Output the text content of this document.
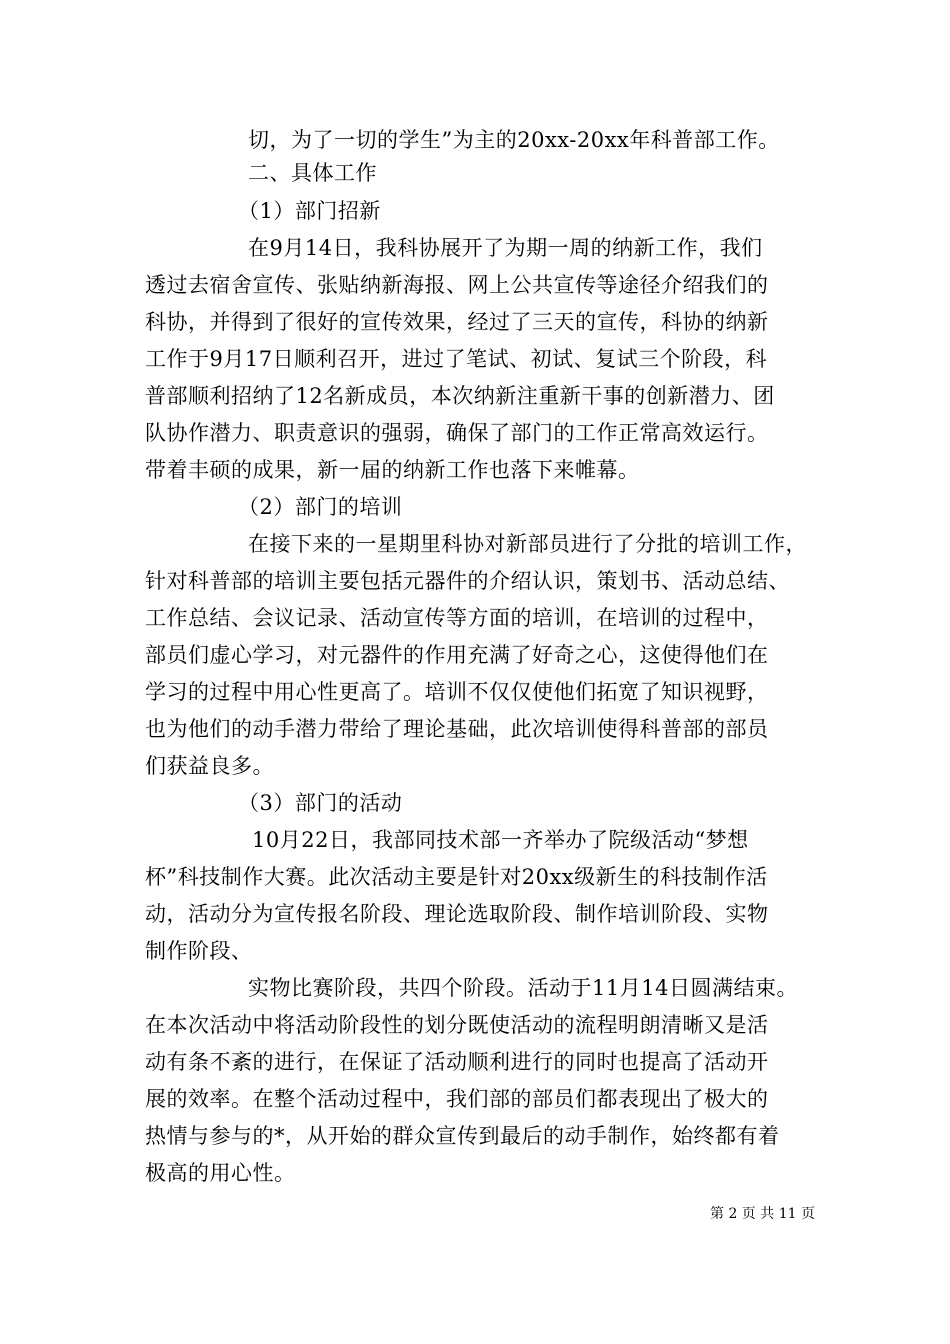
切，为了一切的学生”为主的20xx-20xx年科普部工作。
二、具体工作
（1）部门招新
在9月14日，我科协展开了为期一周的纳新工作，我们
透过去宿舍宣传、张贴纳新海报、网上公共宣传等途径介绍我们的
科协，并得到了很好的宣传效果，经过了三天的宣传，科协的纳新
工作于9月17日顺利召开，进过了笔试、初试、复试三个阶段，科
普部顺利招纳了12名新成员，本次纳新注重新干事的创新潜力、团
队协作潜力、职责意识的强弱，确保了部门的工作正常高效运行。
带着丰硕的成果，新一届的纳新工作也落下来帷幕。
（2）部门的培训
在接下来的一星期里科协对新部员进行了分批的培训工作，
针对科普部的培训主要包括元器件的介绍认识，策划书、活动总结、
工作总结、会议记录、活动宣传等方面的培训，在培训的过程中，
部员们虚心学习，对元器件的作用充满了好奇之心，这使得他们在
学习的过程中用心性更高了。培训不仅仅使他们拓宽了知识视野，
也为他们的动手潜力带给了理论基础，此次培训使得科普部的部员
们获益良多。
（3）部门的活动
10月22日，我部同技术部一齐举办了院级活动“梦想
杯”科技制作大赛。此次活动主要是针对20xx级新生的科技制作活
动，活动分为宣传报名阶段、理论选取阶段、制作培训阶段、实物
制作阶段、
实物比赛阶段，共四个阶段。活动于11月14日圆满结束。
在本次活动中将活动阶段性的划分既使活动的流程明朗清晰又是活
动有条不紊的进行，在保证了活动顺利进行的同时也提高了活动开
展的效率。在整个活动过程中，我们部的部员们都表现出了极大的
热情与参与的*，从开始的群众宣传到最后的动手制作，始终都有着
极高的用心性。
第 2 页 共 11 页
